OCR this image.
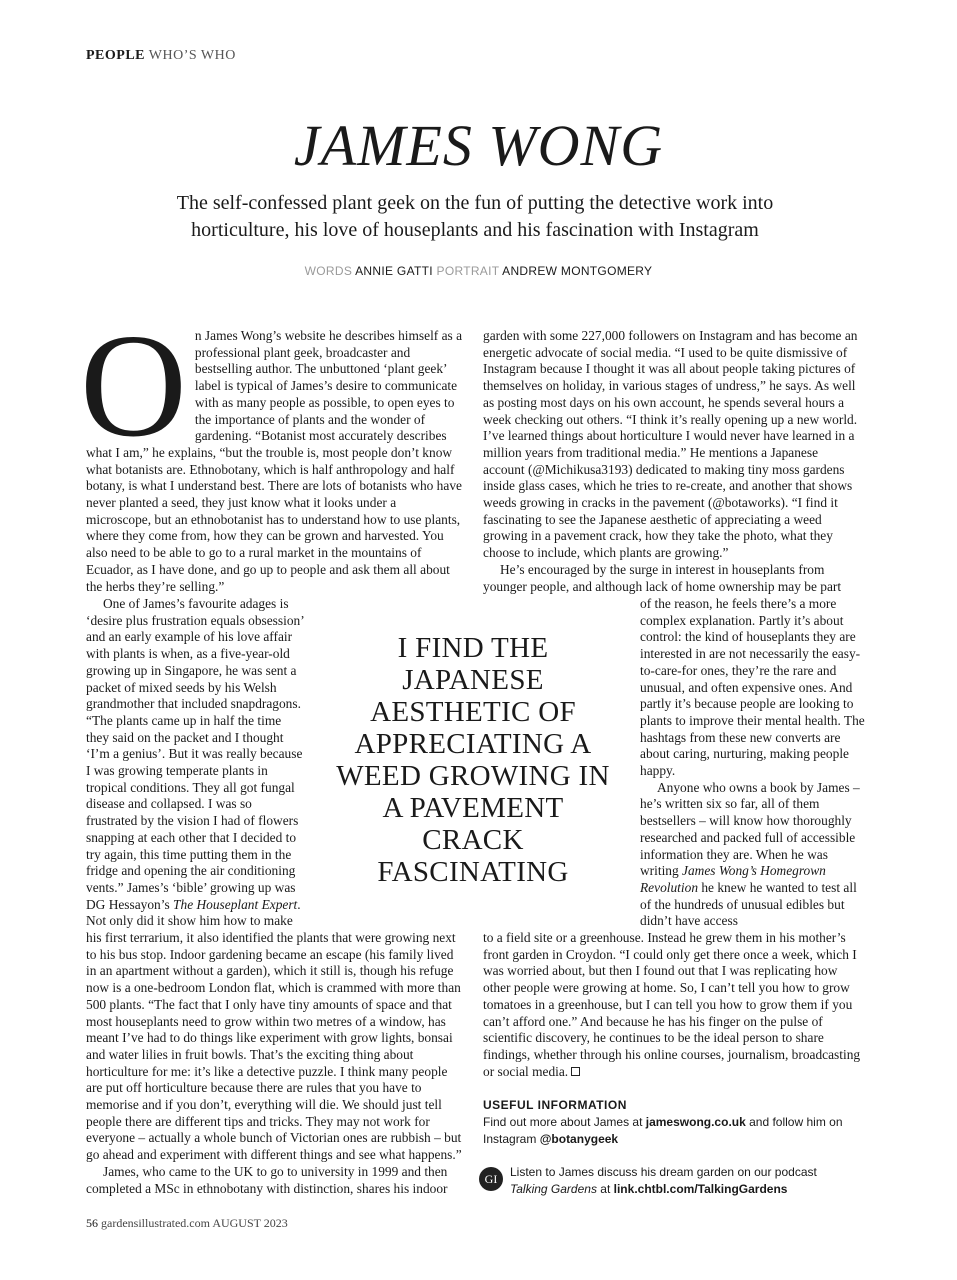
PEOPLE WHO’S WHO
JAMES WONG
The self-confessed plant geek on the fun of putting the detective work into horticulture, his love of houseplants and his fascination with Instagram
WORDS ANNIE GATTI PORTRAIT ANDREW MONTGOMERY
O n James Wong’s website he describes himself as a professional plant geek, broadcaster and bestselling author. The unbuttoned ‘plant geek’ label is typical of James’s desire to communicate with as many people as possible, to open eyes to the importance of plants and the wonder of gardening. “Botanist most accurately describes what I am,” he explains, “but the trouble is, most people don’t know what botanists are. Ethnobotany, which is half anthropology and half botany, is what I understand best. There are lots of botanists who have never planted a seed, they just know what it looks under a microscope, but an ethnobotanist has to understand how to use plants, where they come from, how they can be grown and harvested. You also need to be able to go to a rural market in the mountains of Ecuador, as I have done, and go up to people and ask them all about the herbs they’re selling.”

One of James’s favourite adages is ‘desire plus frustration equals obsession’ and an early example of his love affair with plants is when, as a five-year-old growing up in Singapore, he was sent a packet of mixed seeds by his Welsh grandmother that included snapdragons. “The plants came up in half the time they said on the packet and I thought ‘I’m a genius’. But it was really because I was growing temperate plants in tropical conditions. They all got fungal disease and collapsed. I was so frustrated by the vision I had of flowers snapping at each other that I decided to try again, this time putting them in the fridge and opening the air conditioning vents.” James’s ‘bible’ growing up was DG Hessayon’s The Houseplant Expert. Not only did it show him how to make

his first terrarium, it also identified the plants that were growing next to his bus stop. Indoor gardening became an escape (his family lived in an apartment without a garden), which it still is, though his refuge now is a one-bedroom London flat, which is crammed with more than 500 plants. “The fact that I only have tiny amounts of space and that most houseplants need to grow within two metres of a window, has meant I’ve had to do things like experiment with grow lights, bonsai and water lilies in fruit bowls. That’s the exciting thing about horticulture for me: it’s like a detective puzzle. I think many people are put off horticulture because there are rules that you have to memorise and if you don’t, everything will die. We should just tell people there are different tips and tricks. They may not work for everyone – actually a whole bunch of Victorian ones are rubbish – but go ahead and experiment with different things and see what happens.”

James, who came to the UK to go to university in 1999 and then completed a MSc in ethnobotany with distinction, shares his indoor

I FIND THE JAPANESE AESTHETIC OF APPRECIATING A WEED GROWING IN A PAVEMENT CRACK FASCINATING

garden with some 227,000 followers on Instagram and has become an energetic advocate of social media. “I used to be quite dismissive of Instagram because I thought it was all about people taking pictures of themselves on holiday, in various stages of undress,” he says. As well as posting most days on his own account, he spends several hours a week checking out others. “I think it’s really opening up a new world. I’ve learned things about horticulture I would never have learned in a million years from traditional media.” He mentions a Japanese account (@Michikusa3193) dedicated to making tiny moss gardens inside glass cases, which he tries to re-create, and another that shows weeds growing in cracks in the pavement (@botaworks). “I find it fascinating to see the Japanese aesthetic of appreciating a weed growing in a pavement crack, how they take the photo, what they choose to include, which plants are growing.”

He’s encouraged by the surge in interest in houseplants from younger people, and although lack of home ownership may be part

of the reason, he feels there’s a more complex explanation. Partly it’s about control: the kind of houseplants they are interested in are not necessarily the easy-to-care-for ones, they’re the rare and unusual, and often expensive ones. And partly it’s because people are looking to plants to improve their mental health. The hashtags from these new converts are about caring, nurturing, making people happy.

Anyone who owns a book by James – he’s written six so far, all of them bestsellers – will know how thoroughly researched and packed full of accessible information they are. When he was writing James Wong’s Homegrown Revolution he knew he wanted to test all of the hundreds of unusual edibles but didn’t have access

to a field site or a greenhouse. Instead he grew them in his mother’s front garden in Croydon. “I could only get there once a week, which I was worried about, but then I found out that I was replicating how other people were growing at home. So, I can’t tell you how to grow tomatoes in a greenhouse, but I can tell you how to grow them if you can’t afford one.” And because he has his finger on the pulse of scientific discovery, he continues to be the ideal person to share findings, whether through his online courses, journalism, broadcasting or social media.

USEFUL INFORMATION
Find out more about James at jameswong.co.uk and follow him on Instagram @botanygeek
GI	Listen to James discuss his dream garden on our podcast
Talking Gardens at link.chtbl.com/TalkingGardens
56 gardensillustrated.com AUGUST 2023
